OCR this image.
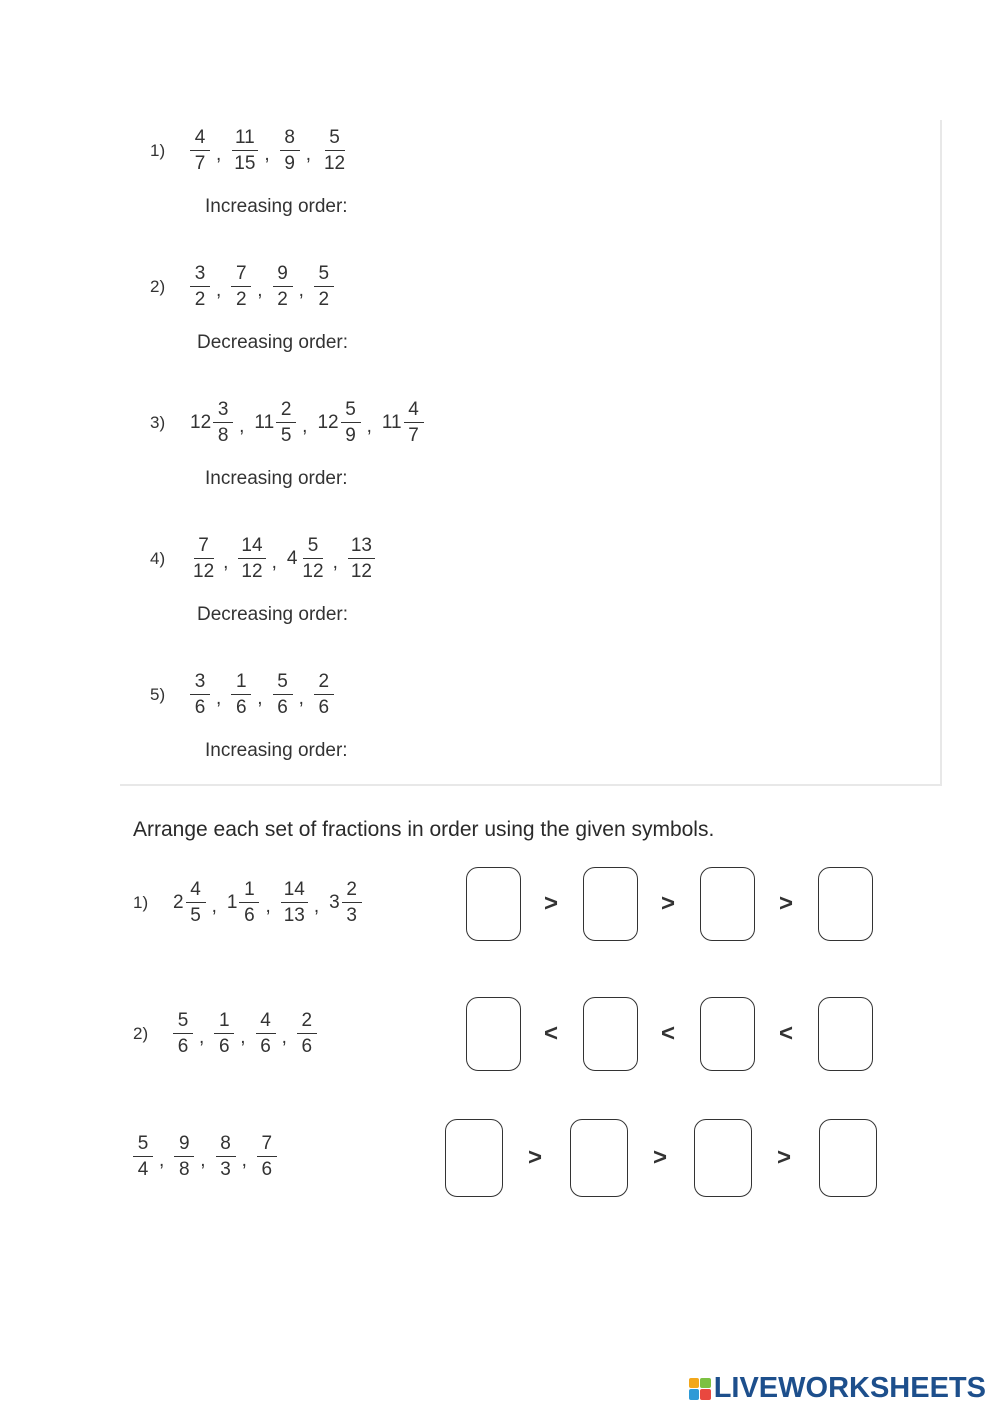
1)	$\frac{4}{7}$ , $\frac{11}{15}$ , $\frac{8}{9}$ , $\frac{5}{12}$
Increasing order:
2)	$\frac{3}{2}$ , $\frac{7}{2}$ , $\frac{9}{2}$ , $\frac{5}{2}$
Decreasing order:
3)	$12 \frac{3}{8}$ , $11 \frac{2}{5}$ , $12 \frac{5}{9}$ , $11 \frac{4}{7}$
Increasing order:
4)	$\frac{7}{12}$ , $\frac{14}{12}$ , $4 \frac{5}{12}$ , $\frac{13}{12}$
Decreasing order:
5)	$\frac{3}{6}$ , $\frac{1}{6}$ , $\frac{5}{6}$ , $\frac{2}{6}$
Increasing order:
Arrange each set of fractions in order using the given symbols.
1)	$2 \frac{4}{5}$ , $1 \frac{1}{6}$ , $\frac{14}{13}$ , $3 \frac{2}{3}$	>	>	>
2)	$\frac{5}{6}$ , $\frac{1}{6}$ , $\frac{4}{6}$ , $\frac{2}{6}$	<	<	<
$\frac{5}{4}$ , $\frac{9}{8}$ , $\frac{8}{3}$ , $\frac{7}{6}$	>	>	>
LIVEWORKSHEETS
